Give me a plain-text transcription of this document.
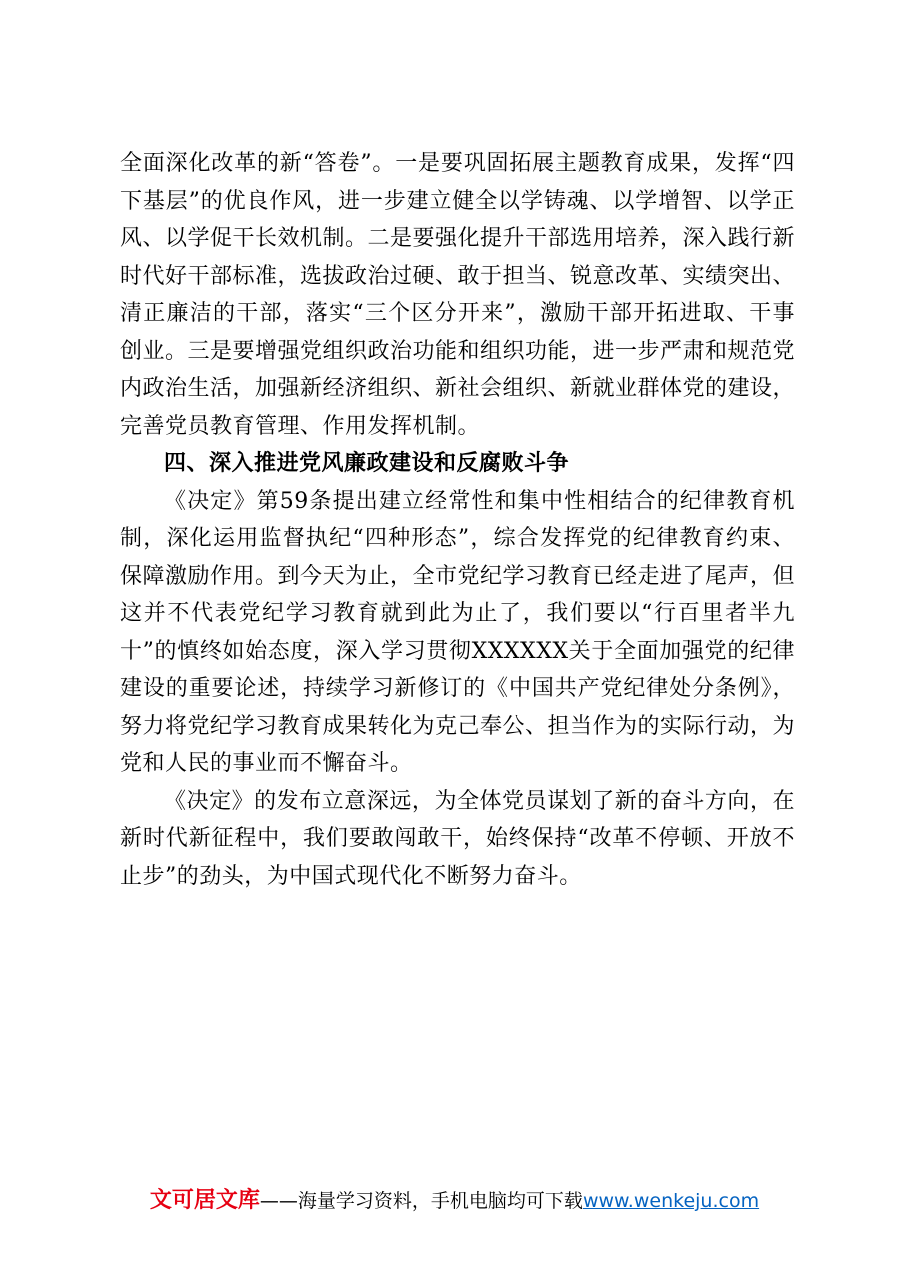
全面深化改革的新“答卷”。一是要巩固拓展主题教育成果，发挥“四下基层”的优良作风，进一步建立健全以学铸魂、以学增智、以学正风、以学促干长效机制。二是要强化提升干部选用培养，深入践行新时代好干部标准，选拔政治过硬、敢于担当、锐意改革、实绩突出、清正廉洁的干部，落实“三个区分开来”，激励干部开拓进取、干事创业。三是要增强党组织政治功能和组织功能，进一步严肃和规范党内政治生活，加强新经济组织、新社会组织、新就业群体党的建设，完善党员教育管理、作用发挥机制。

四、深入推进党风廉政建设和反腐败斗争

《决定》第59条提出建立经常性和集中性相结合的纪律教育机制，深化运用监督执纪“四种形态”，综合发挥党的纪律教育约束、保障激励作用。到今天为止，全市党纪学习教育已经走进了尾声，但这并不代表党纪学习教育就到此为止了，我们要以“行百里者半九十”的慎终如始态度，深入学习贯彻XXXXXX关于全面加强党的纪律建设的重要论述，持续学习新修订的《中国共产党纪律处分条例》，努力将党纪学习教育成果转化为克己奉公、担当作为的实际行动，为党和人民的事业而不懈奋斗。

《决定》的发布立意深远，为全体党员谋划了新的奋斗方向，在新时代新征程中，我们要敢闯敢干，始终保持“改革不停顿、开放不止步”的劲头，为中国式现代化不断努力奋斗。

文可居文库——海量学习资料，手机电脑均可下载www.wenkeju.com
